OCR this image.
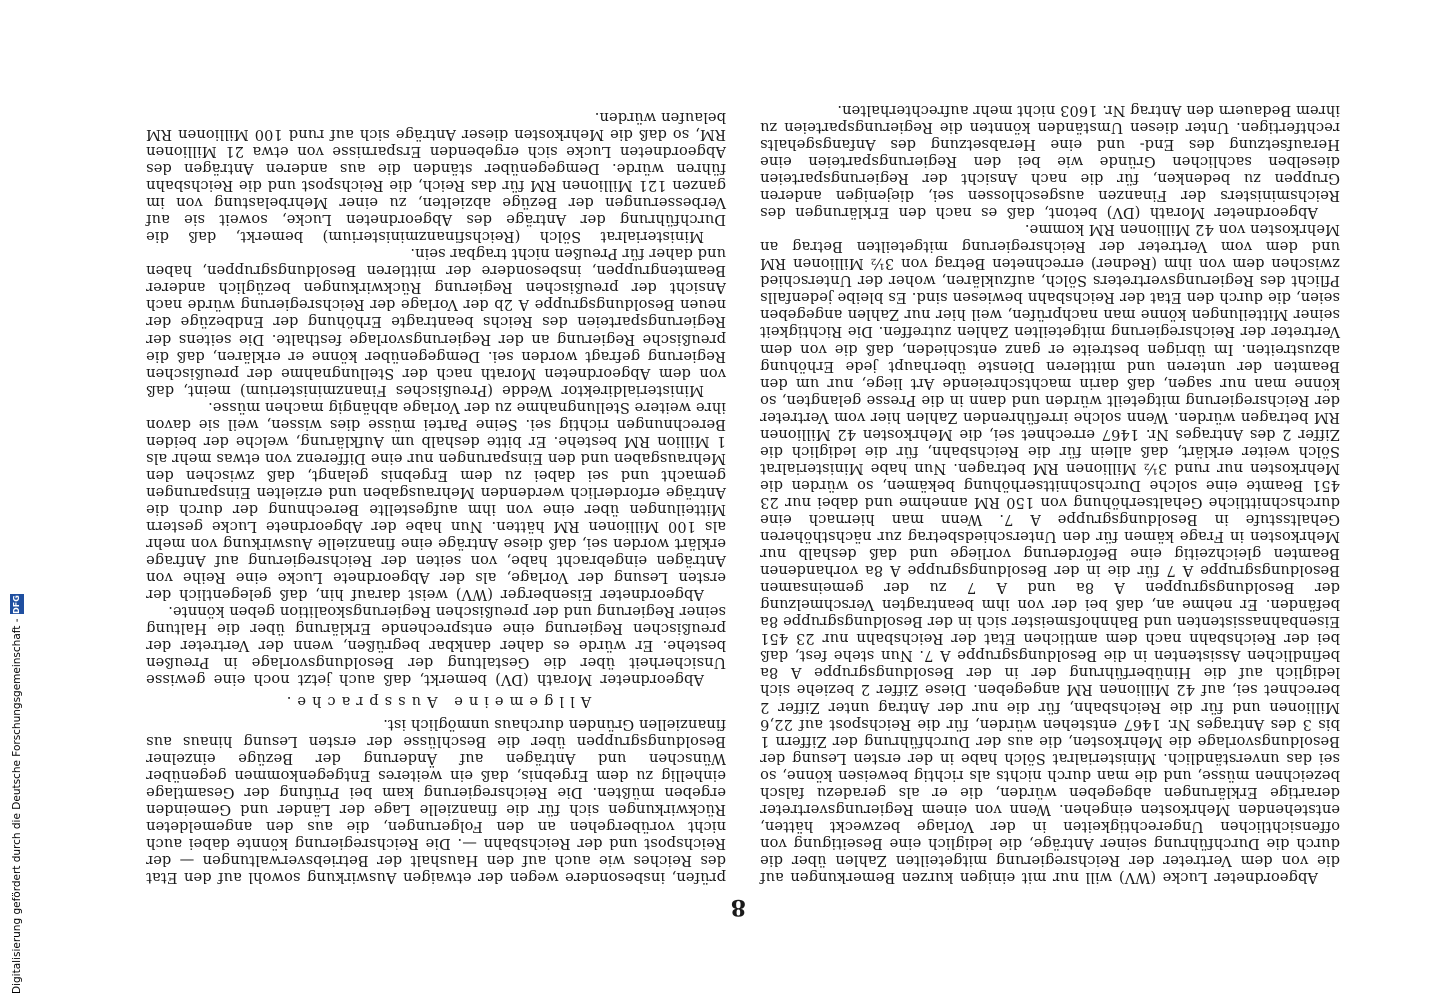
8

Abgeordneter Lucke (WV) will nur mit einigen kurzen Bemerkungen auf die von dem Vertreter der Reichsregierung mitgeteilten Zahlen über die durch die Durchführung seiner Anträge, die lediglich eine Beseitigung von offensichtlichen Ungerechtigkeiten in der Vorlage bezweckt hätten, entstehenden Mehrkosten eingehen. Wenn von einem Regierungsvertreter derartige Erklärungen abgegeben würden, die er als geradezu falsch bezeichnen müsse, und die man durch nichts als richtig beweisen könne, so sei das unverständlich. Ministerialrat Sölch habe in der ersten Lesung der Besoldungsvorlage die Mehrkosten, die aus der Durchführung der Ziffern 1 bis 3 des Antrages Nr. 1467 entstehen würden, für die Reichspost auf 22,6 Millionen und für die Reichsbahn, für die nur der Antrag unter Ziffer 2 berechnet sei, auf 42 Millionen RM angegeben. Diese Ziffer 2 beziehe sich lediglich auf die Hinüberführung der in der Besoldungsgruppe A 8a befindlichen Assistenten in die Besoldungsgruppe A 7. Nun stehe fest, daß bei der Reichsbahn nach dem amtlichen Etat der Reichsbahn nur 23 451 Eisenbahnassistenten und Bahnhofsmeister sich in der Besoldungsgruppe 8a befänden. Er nehme an, daß bei der von ihm beantragten Verschmelzung der Besoldungsgruppen A 8a und A 7 zu der gemeinsamen Besoldungsgruppe A 7 für die in der Besoldungsgruppe A 8a vorhandenen Beamten gleichzeitig eine Beförderung vorliege und daß deshalb nur Mehrkosten in Frage kämen für den Unterschiedsbetrag zur nächsthöheren Gehaltsstufe in Besoldungsgruppe A 7. Wenn man hiernach eine durchschnittliche Gehaltserhöhung von 150 RM annehme und dabei nur 23 451 Beamte eine solche Durchschnittserhöhung bekämen, so würden die Mehrkosten nur rund 3½ Millionen RM betragen. Nun habe Ministerialrat Sölch weiter erklärt, daß allein für die Reichsbahn, für die lediglich die Ziffer 2 des Antrages Nr. 1467 errechnet sei, die Mehrkosten 42 Millionen RM betragen würden. Wenn solche irreführenden Zahlen hier vom Vertreter der Reichsregierung mitgeteilt würden und dann in die Presse gelangten, so könne man nur sagen, daß darin machtschreiende Art liege, nur um den Beamten der unteren und mittleren Dienste überhaupt jede Erhöhung abzustreiten. Im übrigen bestreite er ganz entschieden, daß die von dem Vertreter der Reichsregierung mitgeteilten Zahlen zutreffen. Die Richtigkeit seiner Mitteilungen könne man nachprüfen, weil hier nur Zahlen angegeben seien, die durch den Etat der Reichsbahn bewiesen sind. Es bleibe jedenfalls Pflicht des Regierungsvertreters Sölch, aufzuklären, woher der Unterschied zwischen dem von ihm (Redner) errechneten Betrag von 3½ Millionen RM und dem vom Vertreter der Reichsregierung mitgeteilten Betrag an Mehrkosten von 42 Millionen RM komme.

Abgeordneter Morath (DV) betont, daß es nach den Erklärungen des Reichsministers der Finanzen ausgeschlossen sei, diejenigen anderen Gruppen zu bedenken, für die nach Ansicht der Regierungsparteien dieselben sachlichen Gründe wie bei den Regierungsparteien eine Heraufsetzung des End- und eine Herabsetzung des Anfangsgehalts rechtfertigen. Unter diesen Umständen könnten die Regierungsparteien zu ihrem Bedauern den Antrag Nr. 1603 nicht mehr aufrechterhalten.

prüfen, insbesondere wegen der etwaigen Auswirkung sowohl auf den Etat des Reiches wie auch auf den Haushalt der Betriebsverwaltungen — der Reichspost und der Reichsbahn —. Die Reichsregierung könnte dabei auch nicht vorübergehen an den Folgerungen, die aus den angemeldeten Rückwirkungen sich für die finanzielle Lage der Länder und Gemeinden ergeben müßten. Die Reichsregierung kam bei Prüfung der Gesamtlage einhellig zu dem Ergebnis, daß ein weiteres Entgegenkommen gegenüber Wünschen und Anträgen auf Änderung der Bezüge einzelner Besoldungsgruppen über die Beschlüsse der ersten Lesung hinaus aus finanziellen Gründen durchaus unmöglich ist.

Allgemeine Aussprache.

Abgeordneter Morath (DV) bemerkt, daß auch jetzt noch eine gewisse Unsicherheit über die Gestaltung der Besoldungsvorlage in Preußen bestehe. Er würde es daher dankbar begrüßen, wenn der Vertreter der preußischen Regierung eine entsprechende Erklärung über die Haltung seiner Regierung und der preußischen Regierungskoalition geben könnte.

Abgeordneter Eisenberger (WV) weist darauf hin, daß gelegentlich der ersten Lesung der Vorlage, als der Abgeordnete Lucke eine Reihe von Anträgen eingebracht habe, von seiten der Reichsregierung auf Anfrage erklärt worden sei, daß diese Anträge eine finanzielle Auswirkung von mehr als 100 Millionen RM hätten. Nun habe der Abgeordnete Lucke gestern Mitteilungen über eine von ihm aufgestellte Berechnung der durch die Anträge erforderlich werdenden Mehrausgaben und erzielten Einsparungen gemacht und sei dabei zu dem Ergebnis gelangt, daß zwischen den Mehrausgaben und den Einsparungen nur eine Differenz von etwas mehr als 1 Million RM bestehe. Er bitte deshalb um Aufklärung, welche der beiden Berechnungen richtig sei. Seine Partei müsse dies wissen, weil sie davon ihre weitere Stellungnahme zu der Vorlage abhängig machen müsse.

Ministerialdirektor Wedde (Preußisches Finanzministerium) meint, daß von dem Abgeordneten Morath nach der Stellungnahme der preußischen Regierung gefragt worden sei. Demgegenüber könne er erklären, daß die preußische Regierung an der Regierungsvorlage festhalte. Die seitens der Regierungsparteien des Reichs beantragte Erhöhung der Endbezüge der neuen Besoldungsgruppe A 2b der Vorlage der Reichsregierung würde nach Ansicht der preußischen Regierung Rückwirkungen bezüglich anderer Beamtengruppen, insbesondere der mittleren Besoldungsgruppen, haben und daher für Preußen nicht tragbar sein.

Ministerialrat Sölch (Reichsfinanzministerium) bemerkt, daß die Durchführung der Anträge des Abgeordneten Lucke, soweit sie auf Verbesserungen der Bezüge abzielten, zu einer Mehrbelastung von im ganzen 121 Millionen RM für das Reich, die Reichspost und die Reichsbahn führen würde. Demgegenüber ständen die aus anderen Anträgen des Abgeordneten Lucke sich ergebenden Ersparnisse von etwa 21 Millionen RM, so daß die Mehrkosten dieser Anträge sich auf rund 100 Millionen RM belaufen würden.

Digitalisierung gefördert durch die Deutsche Forschungsgemeinschaft -
DFG
